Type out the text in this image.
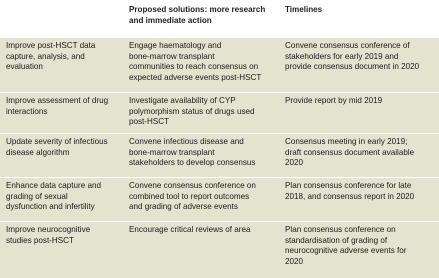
Proposed solutions: more research
and immediate action
Timelines
Improve post-HSCT data
capture, analysis, and
evaluation
Engage haematology and
bone-marrow transplant
communities to reach consensus on
expected adverse events post-HSCT
Convene consensus conference of
stakeholders for early 2019 and
provide consensus document in 2020
Improve assessment of drug
interactions
Investigate availability of CYP
polymorphism status of drugs used
post-HSCT
Provide report by mid 2019
Update severity of infectious
disease algorithm
Convene infectious disease and
bone-marrow transplant
stakeholders to develop consensus
Consensus meeting in early 2019;
draft consensus document available
2020
Enhance data capture and
grading of sexual
dysfunction and infertility
Convene consensus conference on
combined tool to report outcomes
and grading of adverse events
Plan consensus conference for late
2018, and consensus report in 2020
Improve neurocognitive
studies post-HSCT
Encourage critical reviews of area	Plan consensus conference on
standardisation of grading of
neurocognitive adverse events for
2020
